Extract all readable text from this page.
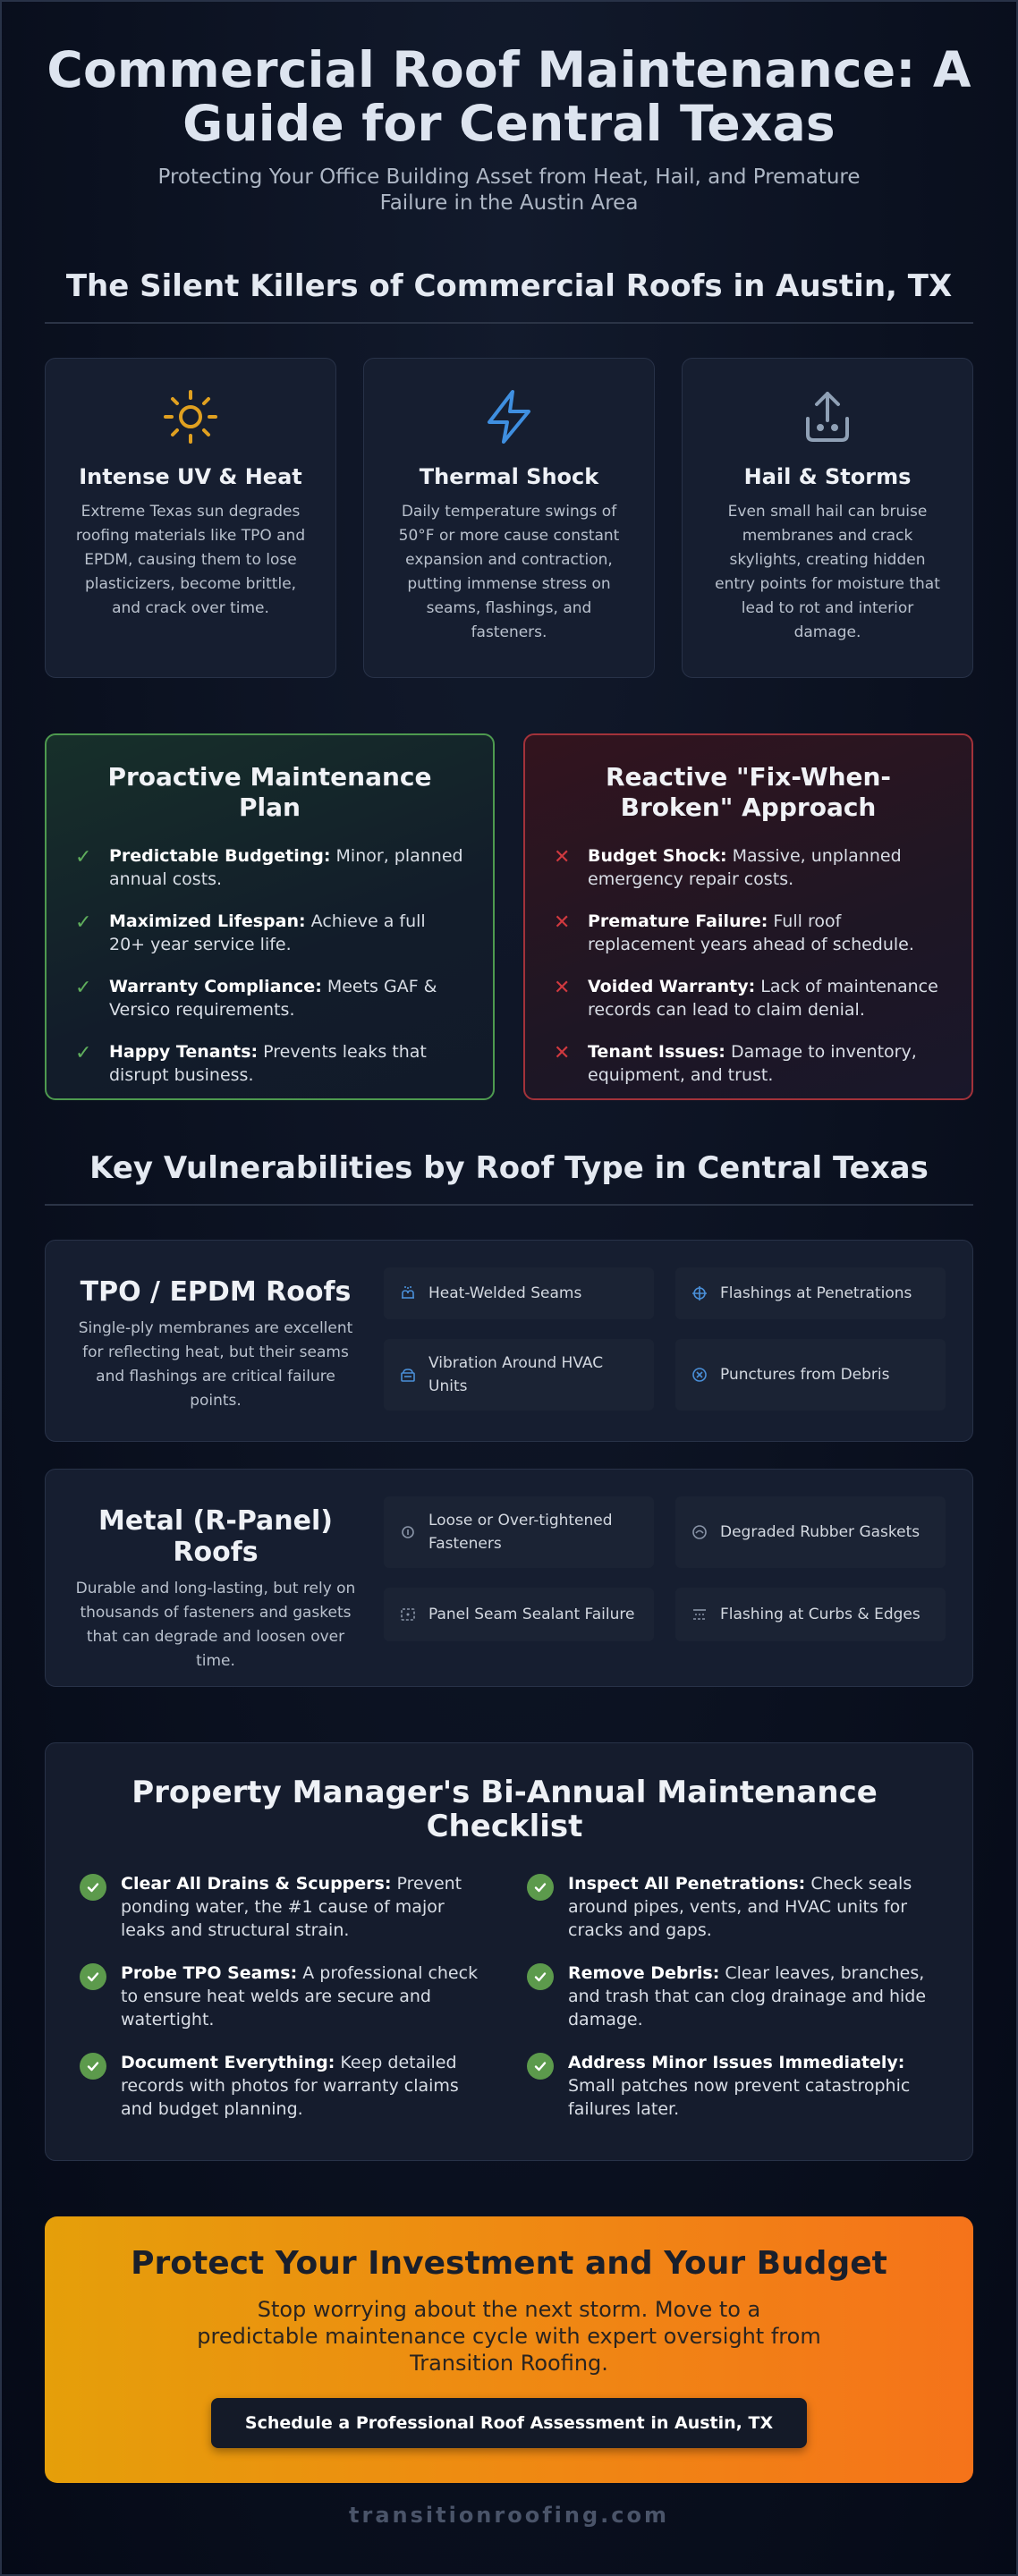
Commercial Roof Maintenance: A Guide for Central Texas

Protecting Your Office Building Asset from Heat, Hail, and Premature Failure in the Austin Area

The Silent Killers of Commercial Roofs in Austin, TX
Intense UV & Heat

Extreme Texas sun degrades roofing materials like TPO and EPDM, causing them to lose plasticizers, become brittle, and crack over time.

Thermal Shock

Daily temperature swings of 50°F or more cause constant expansion and contraction, putting immense stress on seams, flashings, and fasteners.

Hail & Storms

Even small hail can bruise membranes and crack skylights, creating hidden entry points for moisture that lead to rot and interior damage.

Proactive Maintenance Plan
✓ Predictable Budgeting: Minor, planned annual costs.
✓ Maximized Lifespan: Achieve a full 20+ year service life.
✓ Warranty Compliance: Meets GAF & Versico requirements.
✓ Happy Tenants: Prevents leaks that disrupt business.
Reactive "Fix-When-Broken" Approach
✕ Budget Shock: Massive, unplanned emergency repair costs.
✕ Premature Failure: Full roof replacement years ahead of schedule.
✕ Voided Warranty: Lack of maintenance records can lead to claim denial.
✕ Tenant Issues: Damage to inventory, equipment, and trust.
Key Vulnerabilities by Roof Type in Central Texas
TPO / EPDM Roofs

Single-ply membranes are excellent for reflecting heat, but their seams and flashings are critical failure points.

Heat-Welded Seams	Flashings at Penetrations
Vibration Around HVAC Units
Punctures from Debris
Metal (R-Panel) Roofs

Durable and long-lasting, but rely on thousands of fasteners and gaskets that can degrade and loosen over time.

Loose or Over-tightened Fasteners
Degraded Rubber Gaskets
Panel Seam Sealant Failure	Flashing at Curbs & Edges
Property Manager's Bi-Annual Maintenance Checklist
Clear All Drains & Scuppers: Prevent ponding water, the #1 cause of major leaks and structural strain.
Inspect All Penetrations: Check seals around pipes, vents, and HVAC units for cracks and gaps.
Probe TPO Seams: A professional check to ensure heat welds are secure and watertight.
Remove Debris: Clear leaves, branches, and trash that can clog drainage and hide damage.
Document Everything: Keep detailed records with photos for warranty claims and budget planning.
Address Minor Issues Immediately: Small patches now prevent catastrophic failures later.
Protect Your Investment and Your Budget

Stop worrying about the next storm. Move to a predictable maintenance cycle with expert oversight from Transition Roofing.

Schedule a Professional Roof Assessment in Austin, TX
transitionroofing.com
